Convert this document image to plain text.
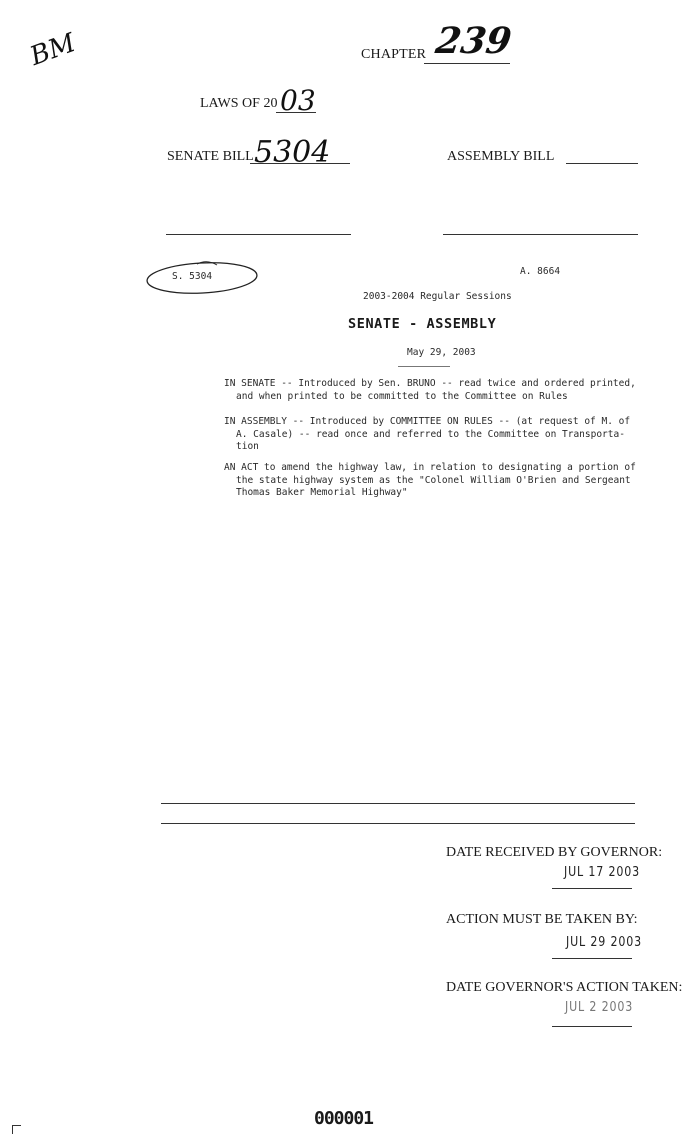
BM	CHAPTER 239
LAWS OF 20 03
SENATE BILL 5304	ASSEMBLY BILL
S. 5304	A. 8664
2003-2004 Regular Sessions
SENATE - ASSEMBLY
May 29, 2003
IN SENATE -- Introduced by Sen. BRUNO -- read twice and ordered printed,
and when printed to be committed to the Committee on Rules
IN ASSEMBLY -- Introduced by COMMITTEE ON RULES -- (at request of M. of
A. Casale) -- read once and referred to the Committee on Transporta-
tion
AN ACT to amend the highway law, in relation to designating a portion of
the state highway system as the "Colonel William O'Brien and Sergeant
Thomas Baker Memorial Highway"
DATE RECEIVED BY GOVERNOR:
JUL 17 2003
ACTION MUST BE TAKEN BY:
JUL 29 2003
DATE GOVERNOR'S ACTION TAKEN:
JUL 2 2003
000001
